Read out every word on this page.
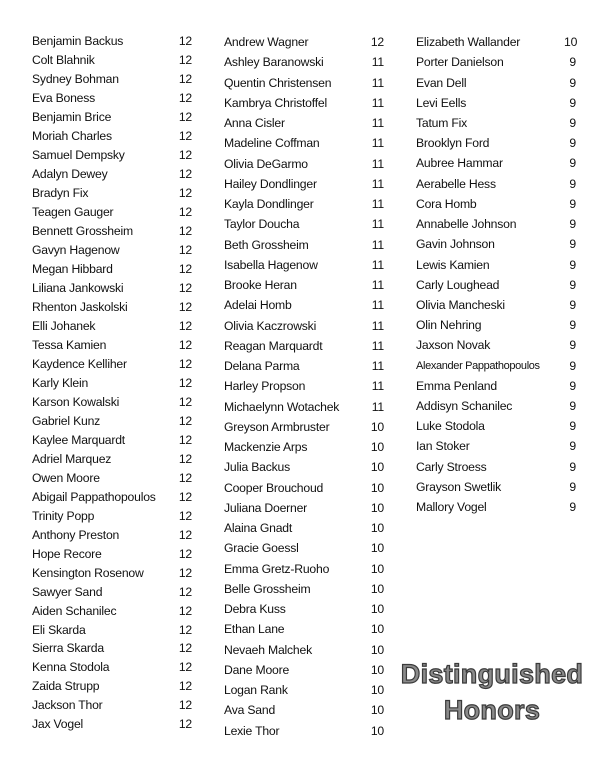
Benjamin Backus	12
Colt Blahnik	12
Sydney Bohman	12
Eva Boness	12
Benjamin Brice	12
Moriah Charles	12
Samuel Dempsky	12
Adalyn Dewey	12
Bradyn Fix	12
Teagen Gauger	12
Bennett Grossheim	12
Gavyn Hagenow	12
Megan Hibbard	12
Liliana Jankowski	12
Rhenton Jaskolski	12
Elli Johanek	12
Tessa Kamien	12
Kaydence Kelliher	12
Karly Klein	12
Karson Kowalski	12
Gabriel Kunz	12
Kaylee Marquardt	12
Adriel Marquez	12
Owen Moore	12
Abigail Pappathopoulos 12
Trinity Popp	12
Anthony Preston	12
Hope Recore	12
Kensington Rosenow	12
Sawyer Sand	12
Aiden Schanilec	12
Eli Skarda	12
Sierra Skarda	12
Kenna Stodola	12
Zaida Strupp	12
Jackson Thor	12
Jax Vogel	12
Andrew Wagner	12
Ashley Baranowski	11
Quentin Christensen	11
Kambrya Christoffel	11
Anna Cisler	11
Madeline Coffman	11
Olivia DeGarmo	11
Hailey Dondlinger	11
Kayla Dondlinger	11
Taylor Doucha	11
Beth Grossheim	11
Isabella Hagenow	11
Brooke Heran	11
Adelai Homb	11
Olivia Kaczrowski	11
Reagan Marquardt	11
Delana Parma	11
Harley Propson	11
Michaelynn Wotachek	11
Greyson Armbruster	10
Mackenzie Arps	10
Julia Backus	10
Cooper Brouchoud	10
Juliana Doerner	10
Alaina Gnadt	10
Gracie Goessl	10
Emma Gretz-Ruoho	10
Belle Grossheim	10
Debra Kuss	10
Ethan Lane	10
Nevaeh Malchek	10
Dane Moore	10
Logan Rank	10
Ava Sand	10
Lexie Thor	10
Elizabeth Wallander	10
Porter Danielson	9
Evan Dell	9
Levi Eells	9
Tatum Fix	9
Brooklyn Ford	9
Aubree Hammar	9
Aerabelle Hess	9
Cora Homb	9
Annabelle Johnson	9
Gavin Johnson	9
Lewis Kamien	9
Carly Loughead	9
Olivia Mancheski	9
Olin Nehring	9
Jaxson Novak	9
Alexander Pappathopoulos	9
Emma Penland	9
Addisyn Schanilec	9
Luke Stodola	9
Ian Stoker	9
Carly Stroess	9
Grayson Swetlik	9
Mallory Vogel	9
Distinguished
Honors
